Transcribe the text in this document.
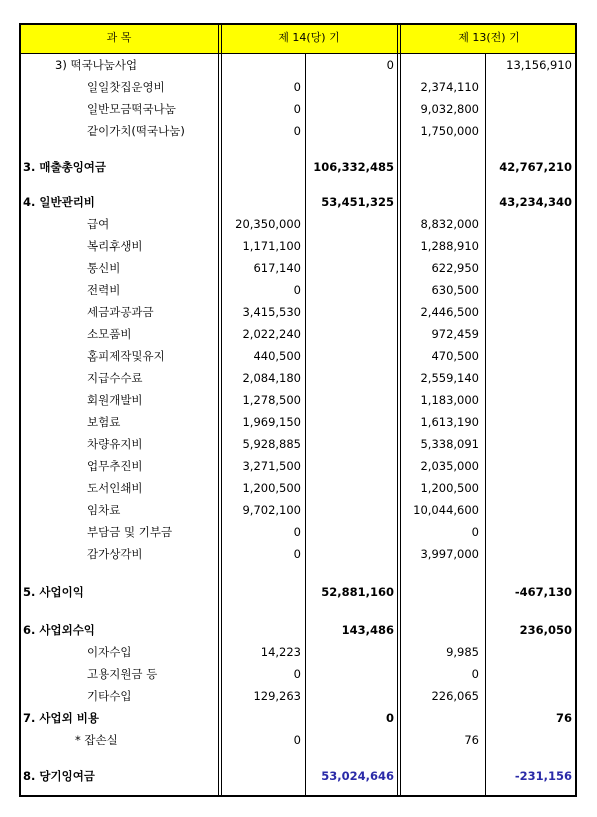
과 목	제 14(당) 기	제 13(전) 기
3) 떡국나눔사업	0	13,156,910
일일찻집운영비	0	2,374,110
일반모금떡국나눔	0	9,032,800
같이가치(떡국나눔)	0	1,750,000
3. 매출총잉여금	106,332,485	42,767,210
4. 일반관리비	53,451,325	43,234,340
급여	20,350,000	8,832,000
복리후생비	1,171,100	1,288,910
통신비	617,140	622,950
전력비	0	630,500
세금과공과금	3,415,530	2,446,500
소모품비	2,022,240	972,459
홈피제작및유지	440,500	470,500
지급수수료	2,084,180	2,559,140
회원개발비	1,278,500	1,183,000
보험료	1,969,150	1,613,190
차량유지비	5,928,885	5,338,091
업무추진비	3,271,500	2,035,000
도서인쇄비	1,200,500	1,200,500
임차료	9,702,100	10,044,600
부담금 및 기부금	0	0
감가상각비	0	3,997,000
5. 사업이익	52,881,160	-467,130
6. 사업외수익	143,486	236,050
이자수입	14,223	9,985
고용지원금 등	0	0
기타수입	129,263	226,065
7. 사업외 비용	0	76
* 잡손실	0	76
8. 당기잉여금	53,024,646	-231,156
